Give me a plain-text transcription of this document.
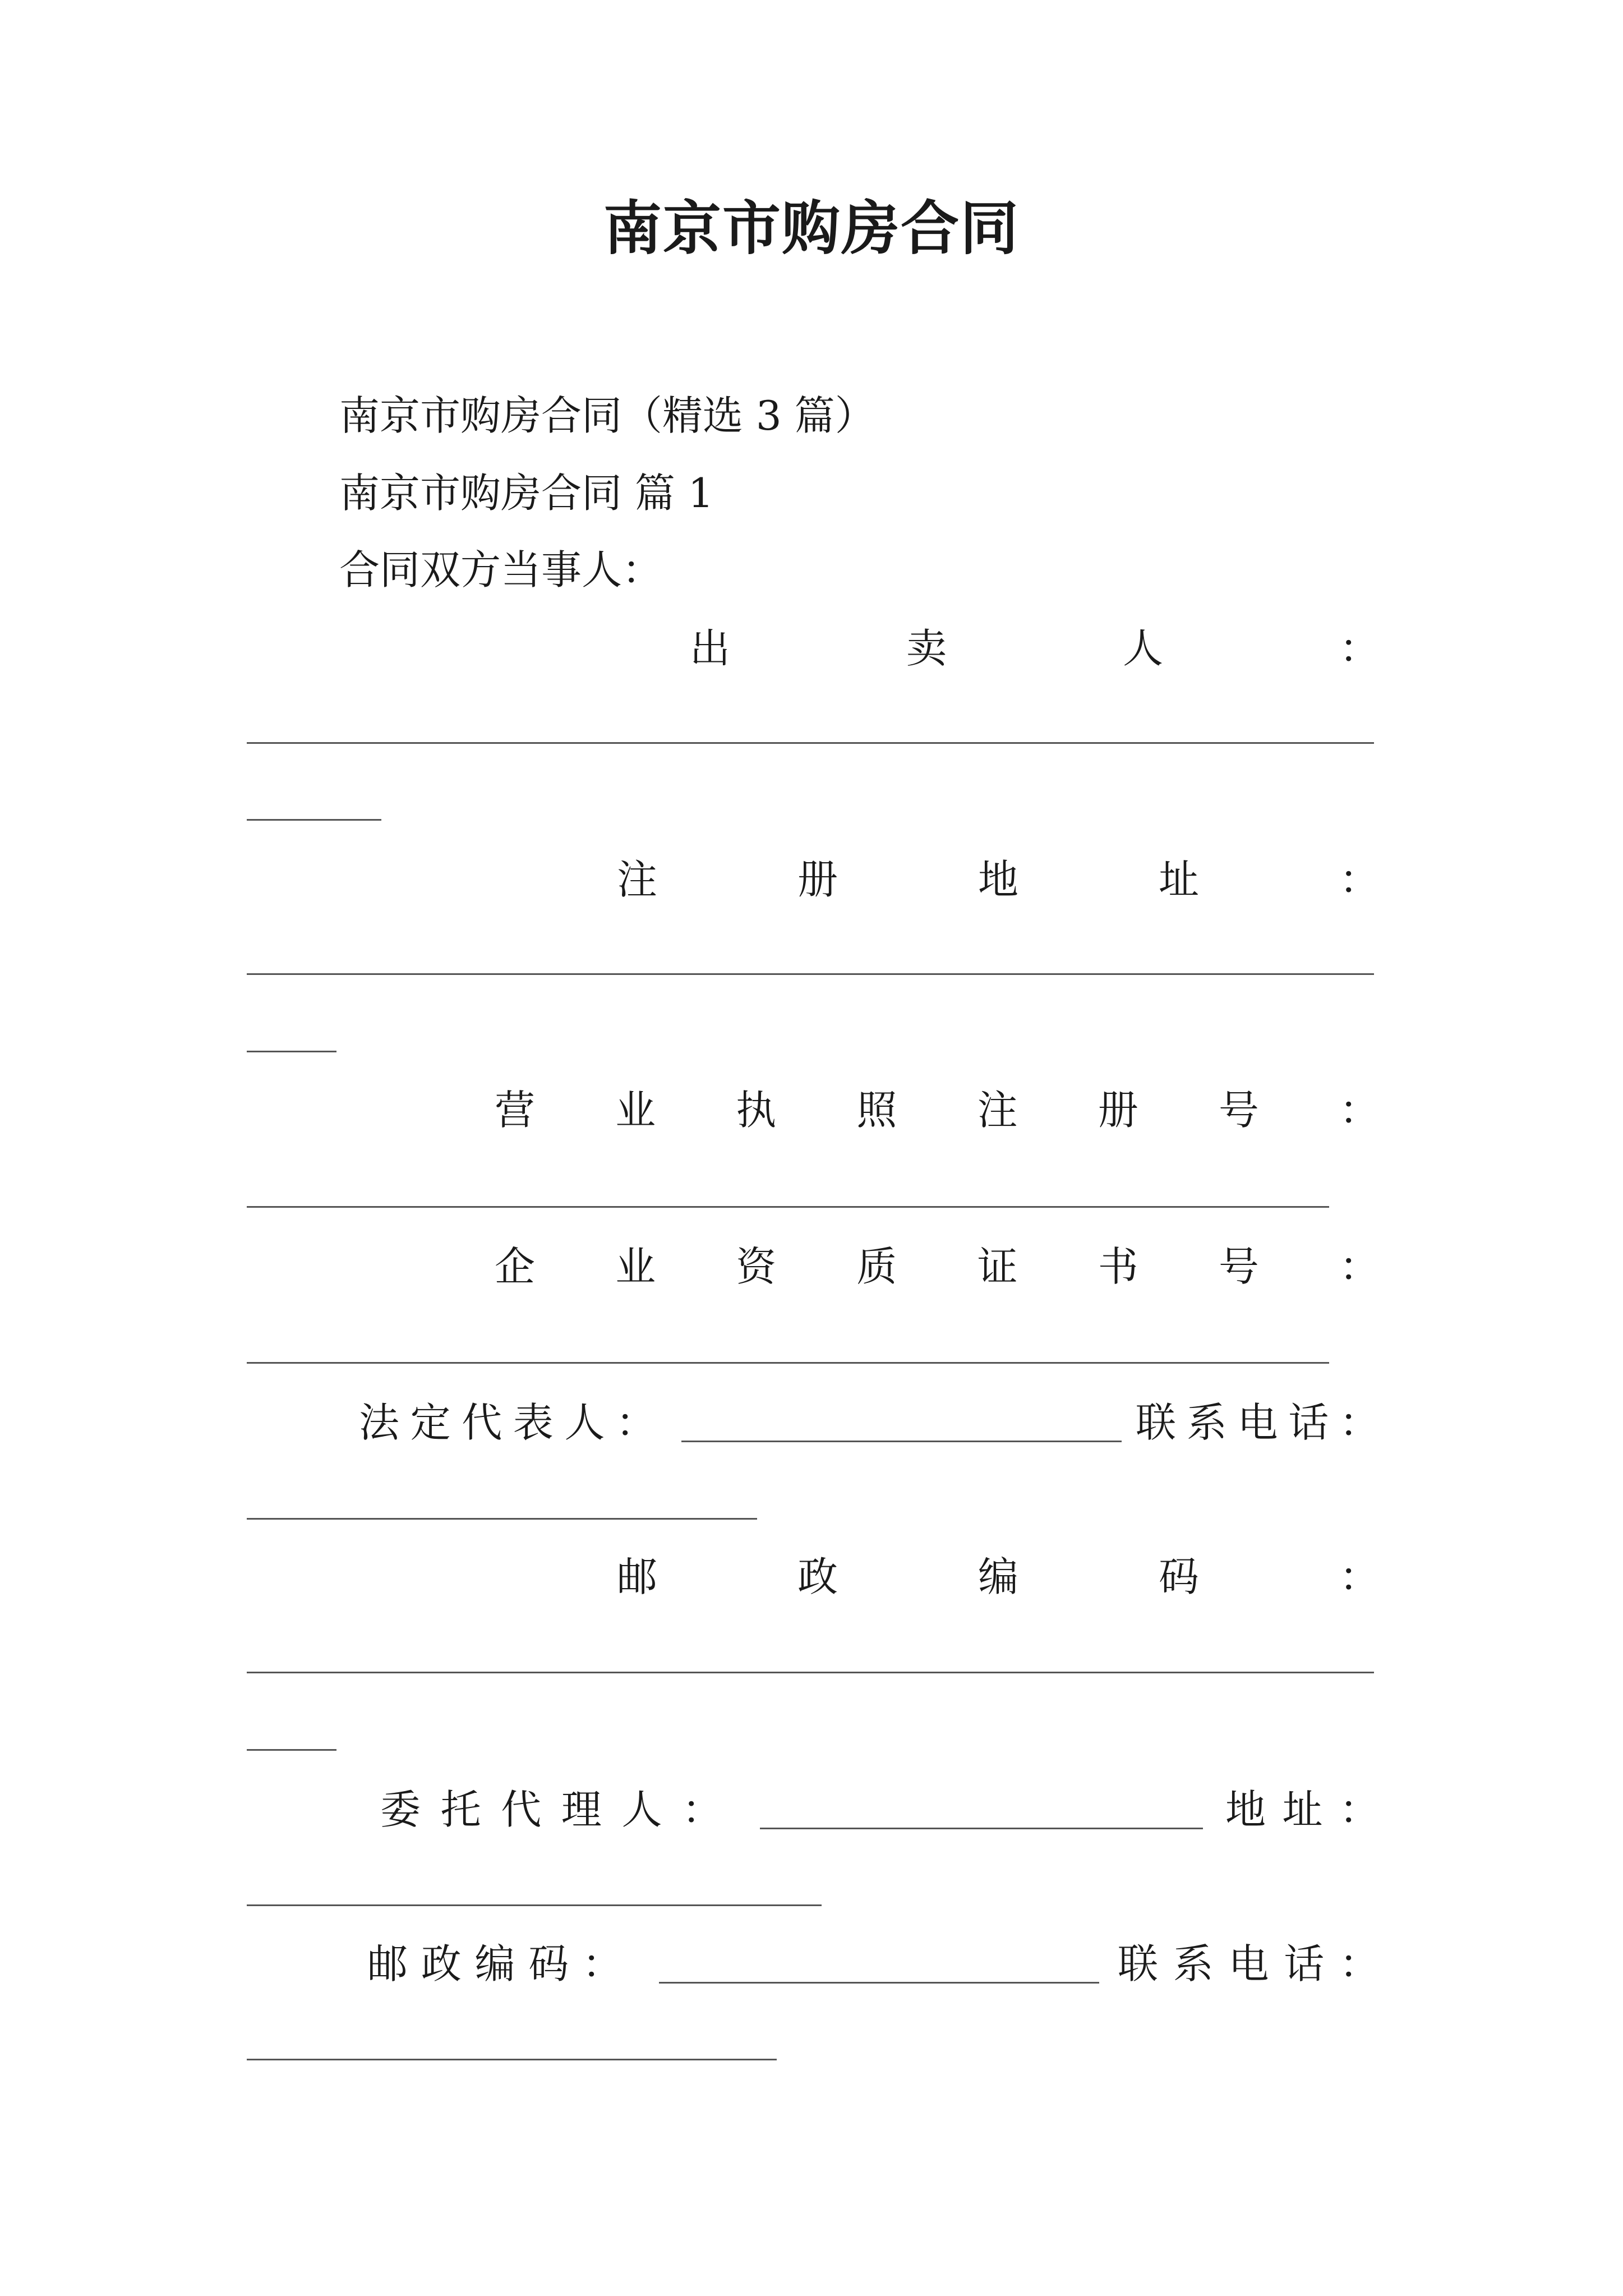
南京市购房合同
南京市购房合同（精选 3 篇）
南京市购房合同 篇 1
合同双方当事人：
出	卖	人	：
注	册	地	址	：
营 业 执 照 注 册 号 ：
企 业 资 质 证 书 号 ：
法 定 代 表 人 ：	联 系 电 话 ：
邮	政	编	码	：
委 托 代 理 人 ：	地 址 ：
邮 政 编 码 ：	联 系 电 话 ：
